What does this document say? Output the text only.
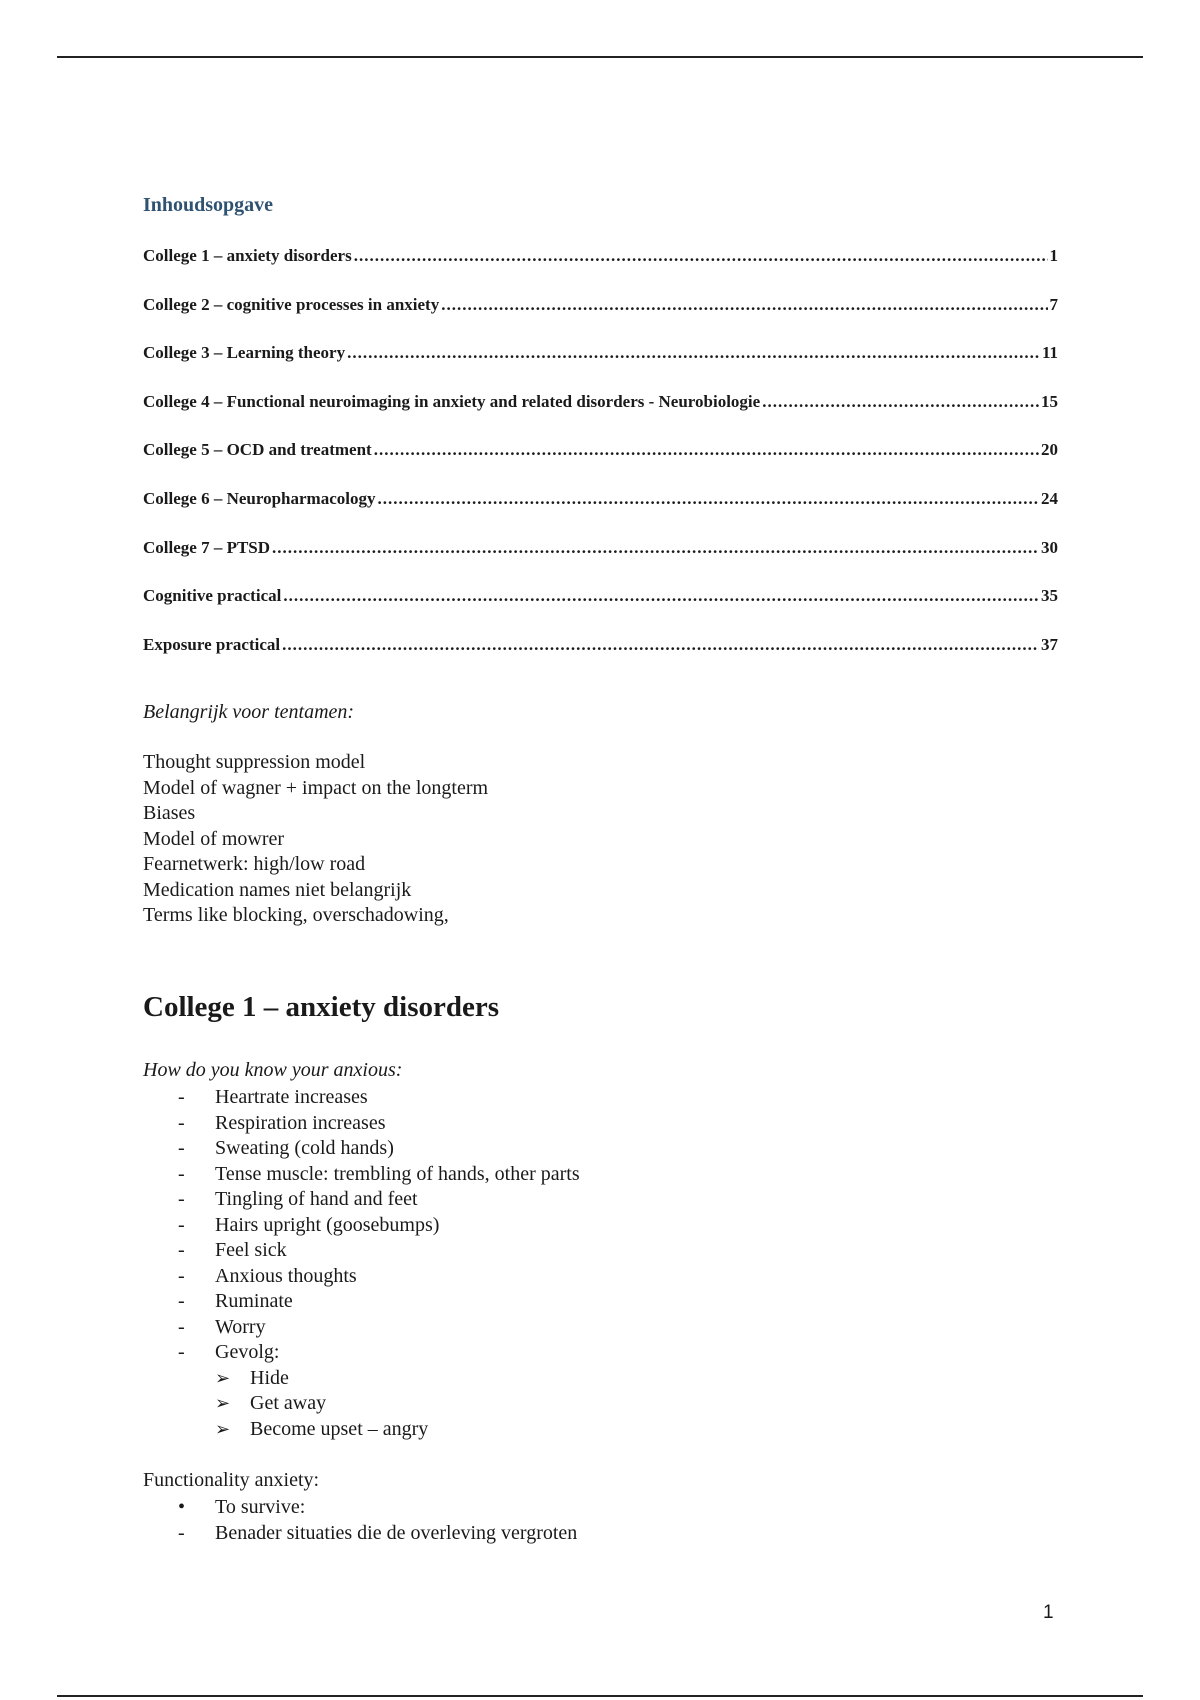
Inhoudsopgave
College 1 – anxiety disorders .....	1
College 2 – cognitive processes in anxiety .....	7
College 3 – Learning theory .....	11
College 4 – Functional neuroimaging in anxiety and related disorders - Neurobiologie .....	15
College 5 – OCD and treatment .....	20
College 6 – Neuropharmacology .....	24
College 7 – PTSD .....	30
Cognitive practical .....	35
Exposure practical .....	37

Belangrijk voor tentamen:

Thought suppression model
Model of wagner + impact on the longterm
Biases
Model of mowrer
Fearnetwerk: high/low road
Medication names niet belangrijk
Terms like blocking, overschadowing,
College 1 – anxiety disorders

How do you know your anxious:

-	Heartrate increases
-	Respiration increases
-	Sweating (cold hands)
-	Tense muscle: trembling of hands, other parts
-	Tingling of hand and feet
-	Hairs upright (goosebumps)
-	Feel sick
-	Anxious thoughts
-	Ruminate
-	Worry
-	Gevolg:
➢ Hide
➢ Get away
➢ Become upset – angry

Functionality anxiety:

•	To survive:
-	Benader situaties die de overleving vergroten

1
